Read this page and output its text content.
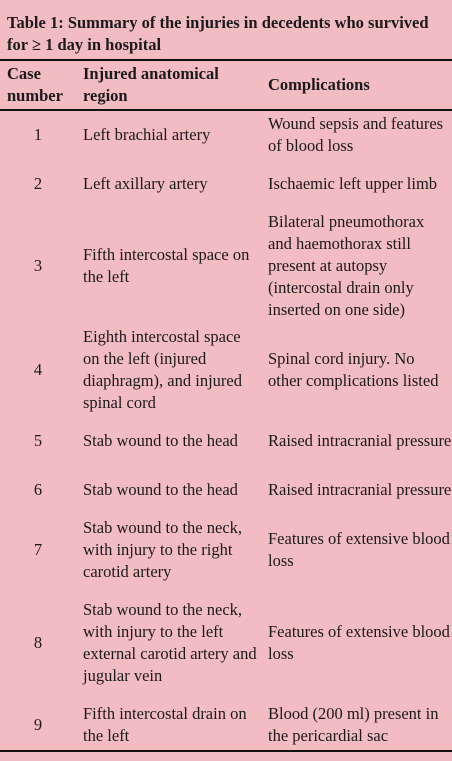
Table 1: Summary of the injuries in decedents who survived for ≥ 1 day in hospital

Case number	Injured anatomical region	Complications
1	Left brachial artery	Wound sepsis and features of blood loss
2	Left axillary artery	Ischaemic left upper limb
3	Fifth intercostal space on the left	Bilateral pneumothorax and haemothorax still present at autopsy (intercostal drain only inserted on one side)
4	Eighth intercostal space on the left (injured diaphragm), and injured spinal cord	Spinal cord injury. No other complications listed
5	Stab wound to the head	Raised intracranial pressure
6	Stab wound to the head	Raised intracranial pressure
7	Stab wound to the neck, with injury to the right carotid artery	Features of extensive blood loss
8	Stab wound to the neck, with injury to the left external carotid artery and jugular vein	Features of extensive blood loss
9	Fifth intercostal drain on the left	Blood (200 ml) present in the pericardial sac
